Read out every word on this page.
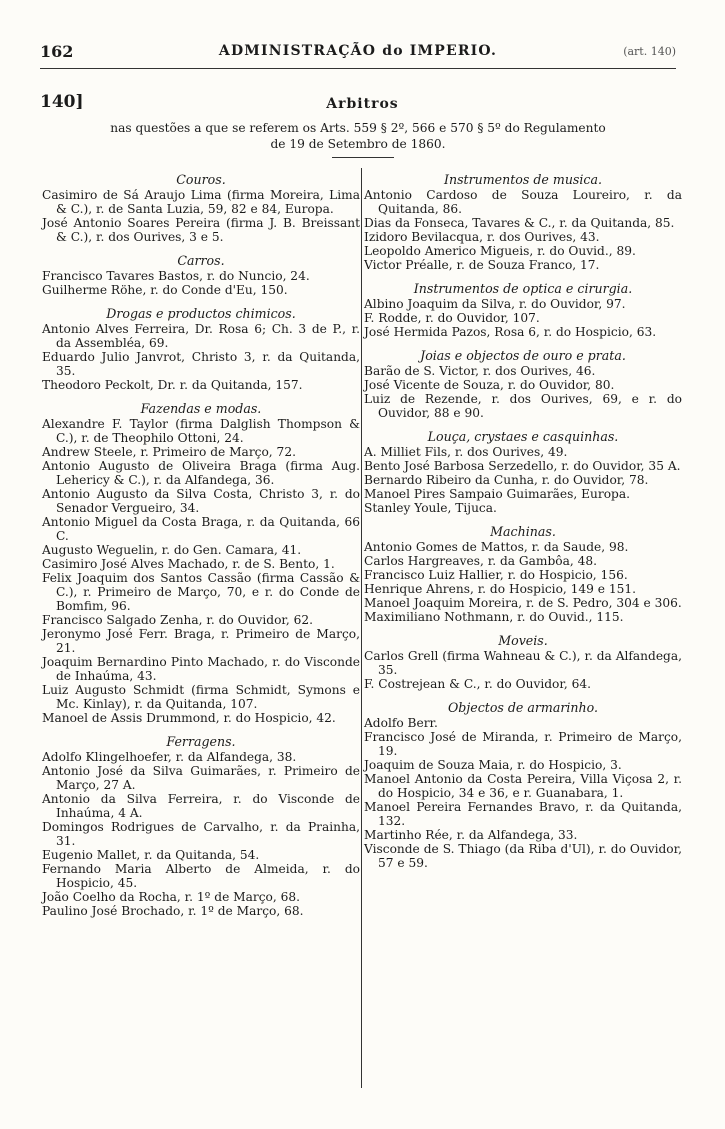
162	ADMINISTRAÇÃO do IMPERIO.	(art. 140)
140]	Arbitros
nas questões a que se referem os Arts. 559 § 2º, 566 e 570 § 5º do Regulamento
de 19 de Setembro de 1860.
Couros.
Casimiro de Sá Araujo Lima (firma Moreira, Lima & C.), r. de Santa Luzia, 59, 82 e 84, Europa.
José Antonio Soares Pereira (firma J. B. Breissant & C.), r. dos Ourives, 3 e 5.
Carros.
Francisco Tavares Bastos, r. do Nuncio, 24.
Guilherme Röhe, r. do Conde d'Eu, 150.
Drogas e productos chimicos.
Antonio Alves Ferreira, Dr. Rosa 6; Ch. 3 de P., r. da Assembléa, 69.
Eduardo Julio Janvrot, Christo 3, r. da Quitanda, 35.
Theodoro Peckolt, Dr. r. da Quitanda, 157.
Fazendas e modas.
Alexandre F. Taylor (firma Dalglish Thompson & C.), r. de Theophilo Ottoni, 24.
Andrew Steele, r. Primeiro de Março, 72.
Antonio Augusto de Oliveira Braga (firma Aug. Lehericy & C.), r. da Alfandega, 36.
Antonio Augusto da Silva Costa, Christo 3, r. do Senador Vergueiro, 34.
Antonio Miguel da Costa Braga, r. da Quitanda, 66 C.
Augusto Weguelin, r. do Gen. Camara, 41.
Casimiro José Alves Machado, r. de S. Bento, 1.
Felix Joaquim dos Santos Cassão (firma Cassão & C.), r. Primeiro de Março, 70, e r. do Conde de Bomfim, 96.
Francisco Salgado Zenha, r. do Ouvidor, 62.
Jeronymo José Ferr. Braga, r. Primeiro de Março, 21.
Joaquim Bernardino Pinto Machado, r. do Visconde de Inhaúma, 43.
Luiz Augusto Schmidt (firma Schmidt, Symons e Mc. Kinlay), r. da Quitanda, 107.
Manoel de Assis Drummond, r. do Hospicio, 42.
Ferragens.
Adolfo Klingelhoefer, r. da Alfandega, 38.
Antonio José da Silva Guimarães, r. Primeiro de Março, 27 A.
Antonio da Silva Ferreira, r. do Visconde de Inhaúma, 4 A.
Domingos Rodrigues de Carvalho, r. da Prainha, 31.
Eugenio Mallet, r. da Quitanda, 54.
Fernando Maria Alberto de Almeida, r. do Hospicio, 45.
João Coelho da Rocha, r. 1º de Março, 68.
Paulino José Brochado, r. 1º de Março, 68.
Instrumentos de musica.
Antonio Cardoso de Souza Loureiro, r. da Quitanda, 86.
Dias da Fonseca, Tavares & C., r. da Quitanda, 85.
Izidoro Bevilacqua, r. dos Ourives, 43.
Leopoldo Americo Migueis, r. do Ouvid., 89.
Victor Préalle, r. de Souza Franco, 17.
Instrumentos de optica e cirurgia.
Albino Joaquim da Silva, r. do Ouvidor, 97.
F. Rodde, r. do Ouvidor, 107.
José Hermida Pazos, Rosa 6, r. do Hospicio, 63.
Joias e objectos de ouro e prata.
Barão de S. Victor, r. dos Ourives, 46.
José Vicente de Souza, r. do Ouvidor, 80.
Luiz de Rezende, r. dos Ourives, 69, e r. do Ouvidor, 88 e 90.
Louça, crystaes e casquinhas.
A. Milliet Fils, r. dos Ourives, 49.
Bento José Barbosa Serzedello, r. do Ouvidor, 35 A.
Bernardo Ribeiro da Cunha, r. do Ouvidor, 78.
Manoel Pires Sampaio Guimarães, Europa.
Stanley Youle, Tijuca.
Machinas.
Antonio Gomes de Mattos, r. da Saude, 98.
Carlos Hargreaves, r. da Gambôa, 48.
Francisco Luiz Hallier, r. do Hospicio, 156.
Henrique Ahrens, r. do Hospicio, 149 e 151.
Manoel Joaquim Moreira, r. de S. Pedro, 304 e 306.
Maximiliano Nothmann, r. do Ouvid., 115.
Moveis.
Carlos Grell (firma Wahneau & C.), r. da Alfandega, 35.
F. Costrejean & C., r. do Ouvidor, 64.
Objectos de armarinho.
Adolfo Berr.
Francisco José de Miranda, r. Primeiro de Março, 19.
Joaquim de Souza Maia, r. do Hospicio, 3.
Manoel Antonio da Costa Pereira, Villa Viçosa 2, r. do Hospicio, 34 e 36, e r. Guanabara, 1.
Manoel Pereira Fernandes Bravo, r. da Quitanda, 132.
Martinho Rée, r. da Alfandega, 33.
Visconde de S. Thiago (da Riba d'Ul), r. do Ouvidor, 57 e 59.
